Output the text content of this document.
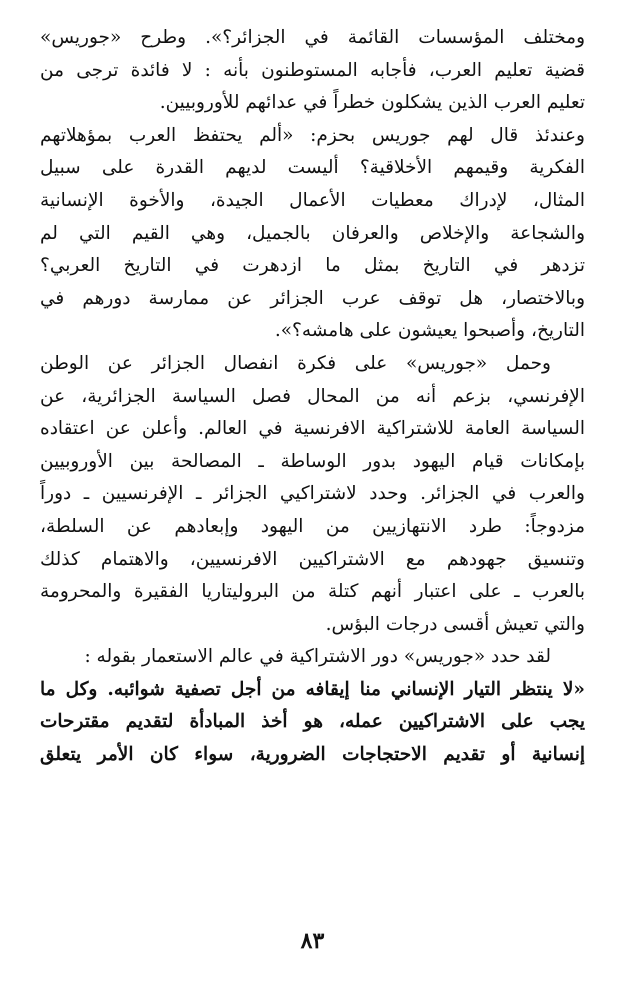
ومختلف المؤسسات القائمة في الجزائر؟». وطرح «جوريس»
قضية تعليم العرب، فأجابه المستوطنون بأنه : لا فائدة ترجى من
تعليم العرب الذين يشكلون خطراً في عدائهم للأوروبيين.
وعندئذ قال لهم جوريس بحزم: «ألم يحتفظ العرب بمؤهلاتهم
الفكرية وقيمهم الأخلاقية؟ أليست لديهم القدرة على سبيل
المثال، لإدراك معطيات الأعمال الجيدة، والأخوة الإنسانية
والشجاعة والإخلاص والعرفان بالجميل، وهي القيم التي لم
تزدهر في التاريخ بمثل ما ازدهرت في التاريخ العربي؟
وبالاختصار، هل توقف عرب الجزائر عن ممارسة دورهم في
التاريخ، وأصبحوا يعيشون على هامشه؟».
وحمل «جوريس» على فكرة انفصال الجزائر عن الوطن
الإفرنسي، بزعم أنه من المحال فصل السياسة الجزائرية، عن
السياسة العامة للاشتراكية الافرنسية في العالم. وأعلن عن اعتقاده
بإمكانات قيام اليهود بدور الوساطة ـ المصالحة بين الأوروبيين
والعرب في الجزائر. وحدد لاشتراكيي الجزائر ـ الإفرنسيين ـ دوراً
مزدوجاً: طرد الانتهازيين من اليهود وإبعادهم عن السلطة،
وتنسيق جهودهم مع الاشتراكيين الافرنسيين، والاهتمام كذلك
بالعرب ـ على اعتبار أنهم كتلة من البروليتاريا الفقيرة والمحرومة
والتي تعيش أقسى درجات البؤس.
لقد حدد «جوريس» دور الاشتراكية في عالم الاستعمار بقوله :
«لا ينتظر التيار الإنساني منا إيقافه من أجل تصفية شوائبه. وكل ما
يجب على الاشتراكيين عمله، هو أخذ المبادأة لتقديم مقترحات
إنسانية أو تقديم الاحتجاجات الضرورية، سواء كان الأمر يتعلق
٨٣
